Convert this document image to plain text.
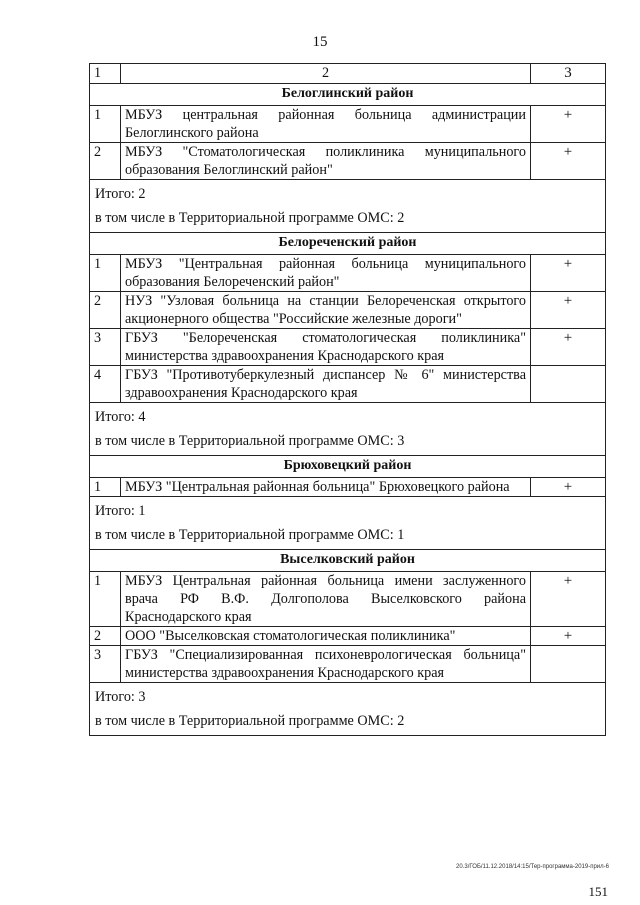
15
1	2	3
Белоглинский район		
1	МБУЗ центральная районная больница администрации Белоглинского района	+
2	МБУЗ "Стоматологическая поликлиника муниципального образования Белоглинский район"	+

Итого: 2
в том числе в Территориальной программе ОМС: 2		

Белореченский район		
1	МБУЗ "Центральная районная больница муниципального образования Белореченский район"	+
2	НУЗ "Узловая больница на станции Белореченская открытого акционерного общества "Российские железные дороги"	+
3	ГБУЗ "Белореченская стоматологическая поликлиника" министерства здравоохранения Краснодарского края	+
4	ГБУЗ "Противотуберкулезный диспансер № 6" министерства здравоохранения Краснодарского края	

Итого: 4
в том числе в Территориальной программе ОМС: 3		

Брюховецкий район		
1	МБУЗ "Центральная районная больница" Брюховецкого района	+

Итого: 1
в том числе в Территориальной программе ОМС: 1		

Выселковский район		
1	МБУЗ Центральная районная больница имени заслуженного врача РФ В.Ф. Долгополова Выселковского района Краснодарского края	+
2	ООО "Выселковская стоматологическая поликлиника"	+
3	ГБУЗ "Специализированная психоневрологическая больница" министерства здравоохранения Краснодарского края	

Итого: 3
в том числе в Территориальной программе ОМС: 2		
20.3/ГОБ/11.12.2018/14:15/Тер-программа-2019-прил-6
151
